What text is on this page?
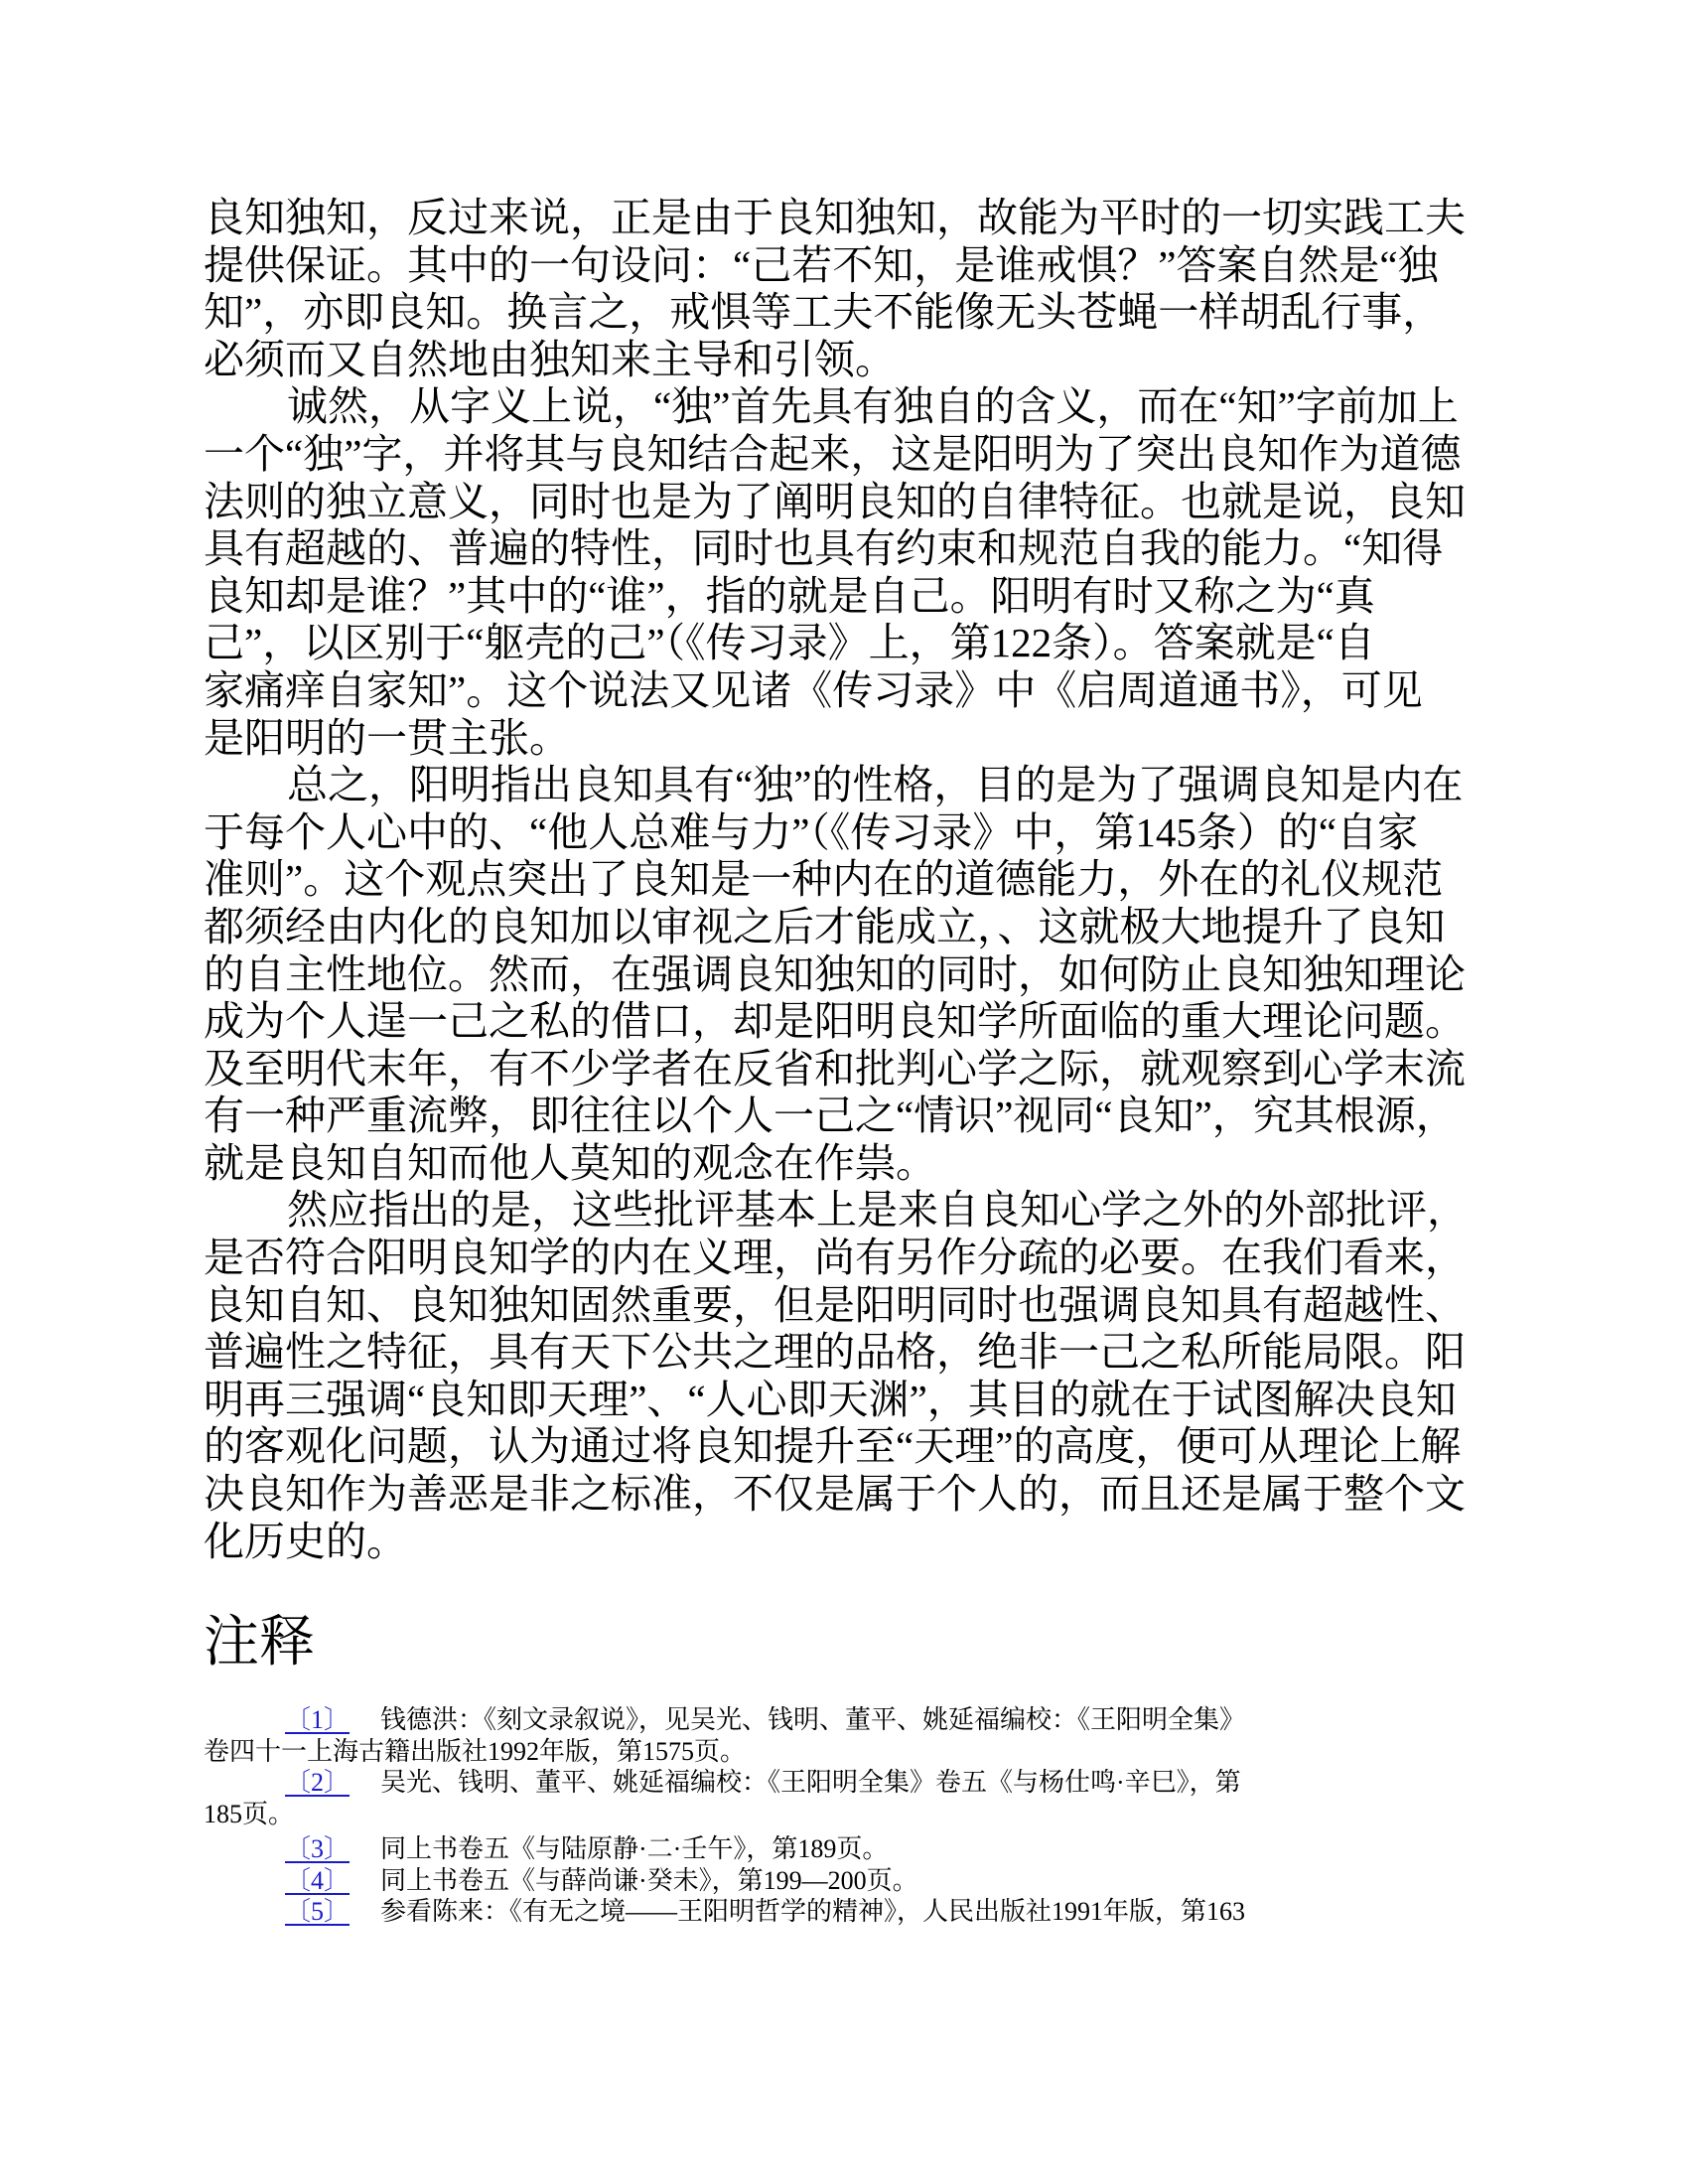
良知独知，反过来说，正是由于良知独知，故能为平时的一切实践工夫
提供保证。其中的一句设问：“己若不知，是谁戒惧？”答案自然是“独
知”，亦即良知。换言之，戒惧等工夫不能像无头苍蝇一样胡乱行事，
必须而又自然地由独知来主导和引领。

诚然，从字义上说，“独”首先具有独自的含义，而在“知”字前加上
一个“独”字，并将其与良知结合起来，这是阳明为了突出良知作为道德
法则的独立意义，同时也是为了阐明良知的自律特征。也就是说，良知
具有超越的、普遍的特性，同时也具有约束和规范自我的能力。“知得
良知却是谁？”其中的“谁”，指的就是自己。阳明有时又称之为“真
己”，以区别于“躯壳的己”（《传习录》上，第122条）。答案就是“自
家痛痒自家知”。这个说法又见诸《传习录》中《启周道通书》，可见
是阳明的一贯主张。

总之，阳明指出良知具有“独”的性格，目的是为了强调良知是内在
于每个人心中的、“他人总难与力”（《传习录》中，第145条）的“自家
准则”。这个观点突出了良知是一种内在的道德能力，外在的礼仪规范
都须经由内化的良知加以审视之后才能成立，、这就极大地提升了良知
的自主性地位。然而，在强调良知独知的同时，如何防止良知独知理论
成为个人逞一己之私的借口，却是阳明良知学所面临的重大理论问题。
及至明代末年，有不少学者在反省和批判心学之际，就观察到心学末流
有一种严重流弊，即往往以个人一己之“情识”视同“良知”，究其根源，
就是良知自知而他人莫知的观念在作祟。

然应指出的是，这些批评基本上是来自良知心学之外的外部批评，
是否符合阳明良知学的内在义理，尚有另作分疏的必要。在我们看来，
良知自知、良知独知固然重要，但是阳明同时也强调良知具有超越性、
普遍性之特征，具有天下公共之理的品格，绝非一己之私所能局限。阳
明再三强调“良知即天理”、“人心即天渊”，其目的就在于试图解决良知
的客观化问题，认为通过将良知提升至“天理”的高度，便可从理论上解
决良知作为善恶是非之标准，不仅是属于个人的，而且还是属于整个文
化历史的。

注释
〔1〕 钱德洪：《刻文录叙说》，见吴光、钱明、董平、姚延福编校：《王阳明全集》
卷四十一上海古籍出版社1992年版，第1575页。
〔2〕 吴光、钱明、董平、姚延福编校：《王阳明全集》卷五《与杨仕鸣·辛巳》，第
185页。
〔3〕 同上书卷五《与陆原静·二·壬午》，第189页。
〔4〕 同上书卷五《与薛尚谦·癸未》，第199—200页。
〔5〕 参看陈来：《有无之境——王阳明哲学的精神》，人民出版社1991年版，第163
